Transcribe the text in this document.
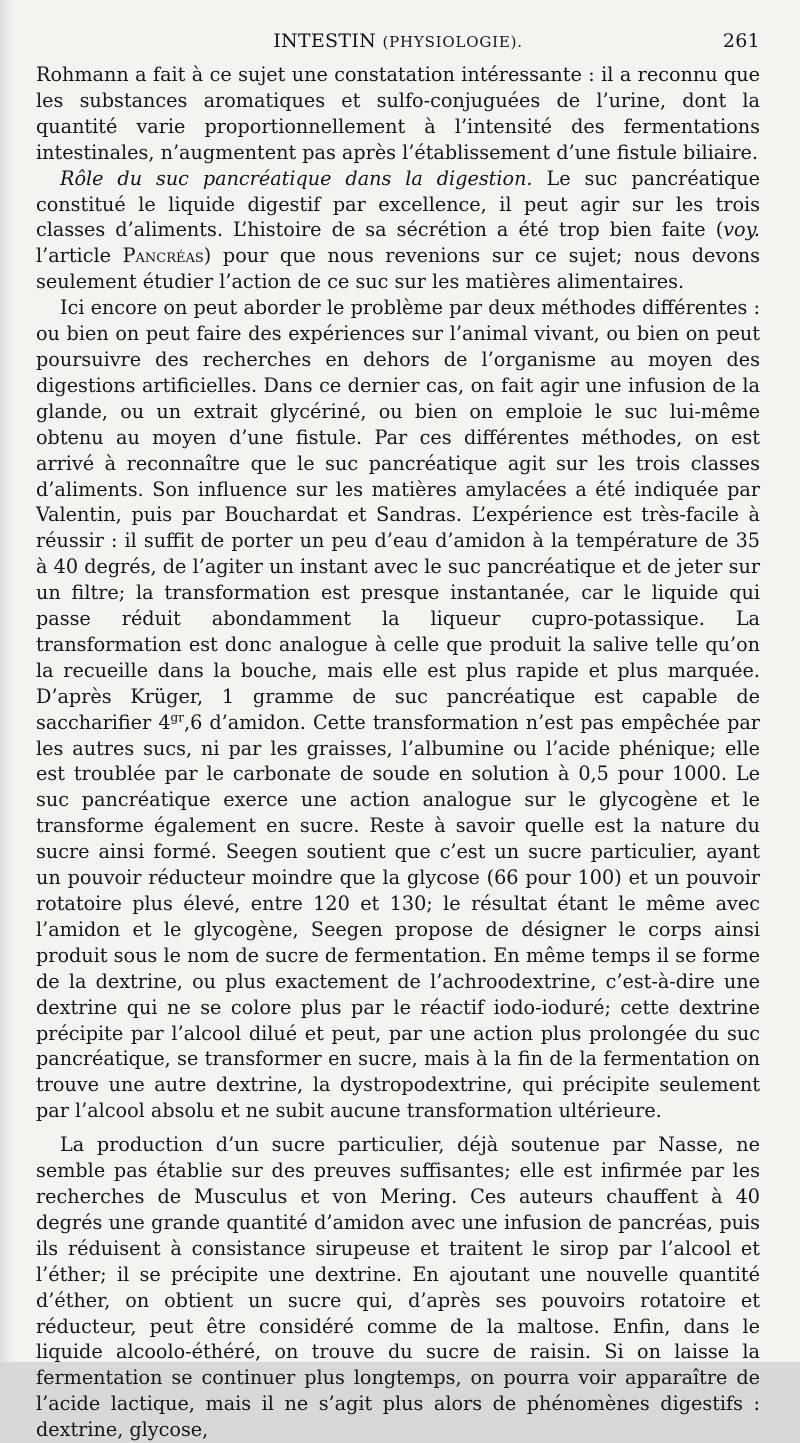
INTESTIN (PHYSIOLOGIE).	261

Rohmann a fait à ce sujet une constatation intéressante : il a reconnu que les substances aromatiques et sulfo-conjuguées de l’urine, dont la quantité varie proportionnellement à l’intensité des fermentations intestinales, n’augmentent pas après l’établissement d’une fistule biliaire.

Rôle du suc pancréatique dans la digestion. Le suc pancréatique constitué le liquide digestif par excellence, il peut agir sur les trois classes d’aliments. L’histoire de sa sécrétion a été trop bien faite (voy. l’article Pancréas) pour que nous revenions sur ce sujet; nous devons seulement étudier l’action de ce suc sur les matières alimentaires.

Ici encore on peut aborder le problème par deux méthodes différentes : ou bien on peut faire des expériences sur l’animal vivant, ou bien on peut poursuivre des recherches en dehors de l’organisme au moyen des digestions artificielles. Dans ce dernier cas, on fait agir une infusion de la glande, ou un extrait glycériné, ou bien on emploie le suc lui-même obtenu au moyen d’une fistule. Par ces différentes méthodes, on est arrivé à reconnaître que le suc pancréatique agit sur les trois classes d’aliments. Son influence sur les matières amylacées a été indiquée par Valentin, puis par Bouchardat et Sandras. L’expérience est très-facile à réussir : il suffit de porter un peu d’eau d’amidon à la température de 35 à 40 degrés, de l’agiter un instant avec le suc pancréatique et de jeter sur un filtre; la transformation est presque instantanée, car le liquide qui passe réduit abondamment la liqueur cupro-potassique. La transformation est donc analogue à celle que produit la salive telle qu’on la recueille dans la bouche, mais elle est plus rapide et plus marquée. D’après Krüger, 1 gramme de suc pancréatique est capable de saccharifier $4^{gr},6$ d’amidon. Cette transformation n’est pas empêchée par les autres sucs, ni par les graisses, l’albumine ou l’acide phénique; elle est troublée par le carbonate de soude en solution à 0,5 pour 1000. Le suc pancréatique exerce une action analogue sur le glycogène et le transforme également en sucre. Reste à savoir quelle est la nature du sucre ainsi formé. Seegen soutient que c’est un sucre particulier, ayant un pouvoir réducteur moindre que la glycose (66 pour 100) et un pouvoir rotatoire plus élevé, entre 120 et 130; le résultat étant le même avec l’amidon et le glycogène, Seegen propose de désigner le corps ainsi produit sous le nom de sucre de fermentation. En même temps il se forme de la dextrine, ou plus exactement de l’achroodextrine, c’est-à-dire une dextrine qui ne se colore plus par le réactif iodo-ioduré; cette dextrine précipite par l’alcool dilué et peut, par une action plus prolongée du suc pancréatique, se transformer en sucre, mais à la fin de la fermentation on trouve une autre dextrine, la dystropodextrine, qui précipite seulement par l’alcool absolu et ne subit aucune transformation ultérieure.

La production d’un sucre particulier, déjà soutenue par Nasse, ne semble pas établie sur des preuves suffisantes; elle est infirmée par les recherches de Musculus et von Mering. Ces auteurs chauffent à 40 degrés une grande quantité d’amidon avec une infusion de pancréas, puis ils réduisent à consistance sirupeuse et traitent le sirop par l’alcool et l’éther; il se précipite une dextrine. En ajoutant une nouvelle quantité d’éther, on obtient un sucre qui, d’après ses pouvoirs rotatoire et réducteur, peut être considéré comme de la maltose. Enfin, dans le liquide alcoolo-éthéré, on trouve du sucre de raisin. Si on laisse la fermentation se continuer plus longtemps, on pourra voir apparaître de l’acide lactique, mais il ne s’agit plus alors de phénomènes digestifs : dextrine, glycose,
